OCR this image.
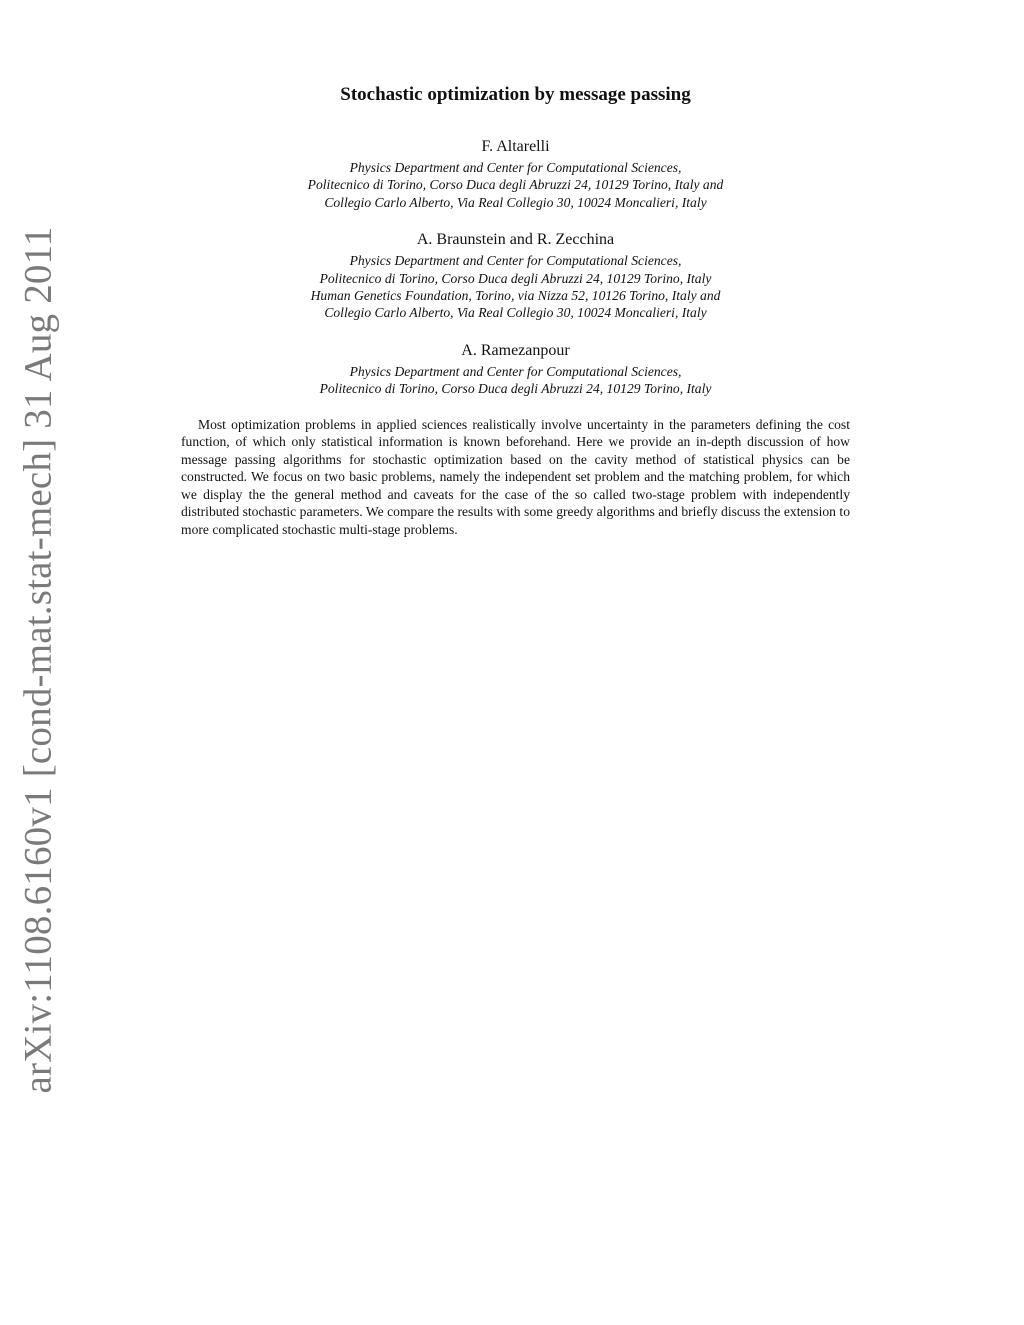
arXiv:1108.6160v1 [cond-mat.stat-mech] 31 Aug 2011
Stochastic optimization by message passing
F. Altarelli
Physics Department and Center for Computational Sciences,
Politecnico di Torino, Corso Duca degli Abruzzi 24, 10129 Torino, Italy and
Collegio Carlo Alberto, Via Real Collegio 30, 10024 Moncalieri, Italy
A. Braunstein and R. Zecchina
Physics Department and Center for Computational Sciences,
Politecnico di Torino, Corso Duca degli Abruzzi 24, 10129 Torino, Italy
Human Genetics Foundation, Torino, via Nizza 52, 10126 Torino, Italy and
Collegio Carlo Alberto, Via Real Collegio 30, 10024 Moncalieri, Italy
A. Ramezanpour
Physics Department and Center for Computational Sciences,
Politecnico di Torino, Corso Duca degli Abruzzi 24, 10129 Torino, Italy

Most optimization problems in applied sciences realistically involve uncertainty in the parameters defining the cost function, of which only statistical information is known beforehand. Here we provide an in-depth discussion of how message passing algorithms for stochastic optimization based on the cavity method of statistical physics can be constructed. We focus on two basic problems, namely the independent set problem and the matching problem, for which we display the the general method and caveats for the case of the so called two-stage problem with independently distributed stochastic parameters. We compare the results with some greedy algorithms and briefly discuss the extension to more complicated stochastic multi-stage problems.
